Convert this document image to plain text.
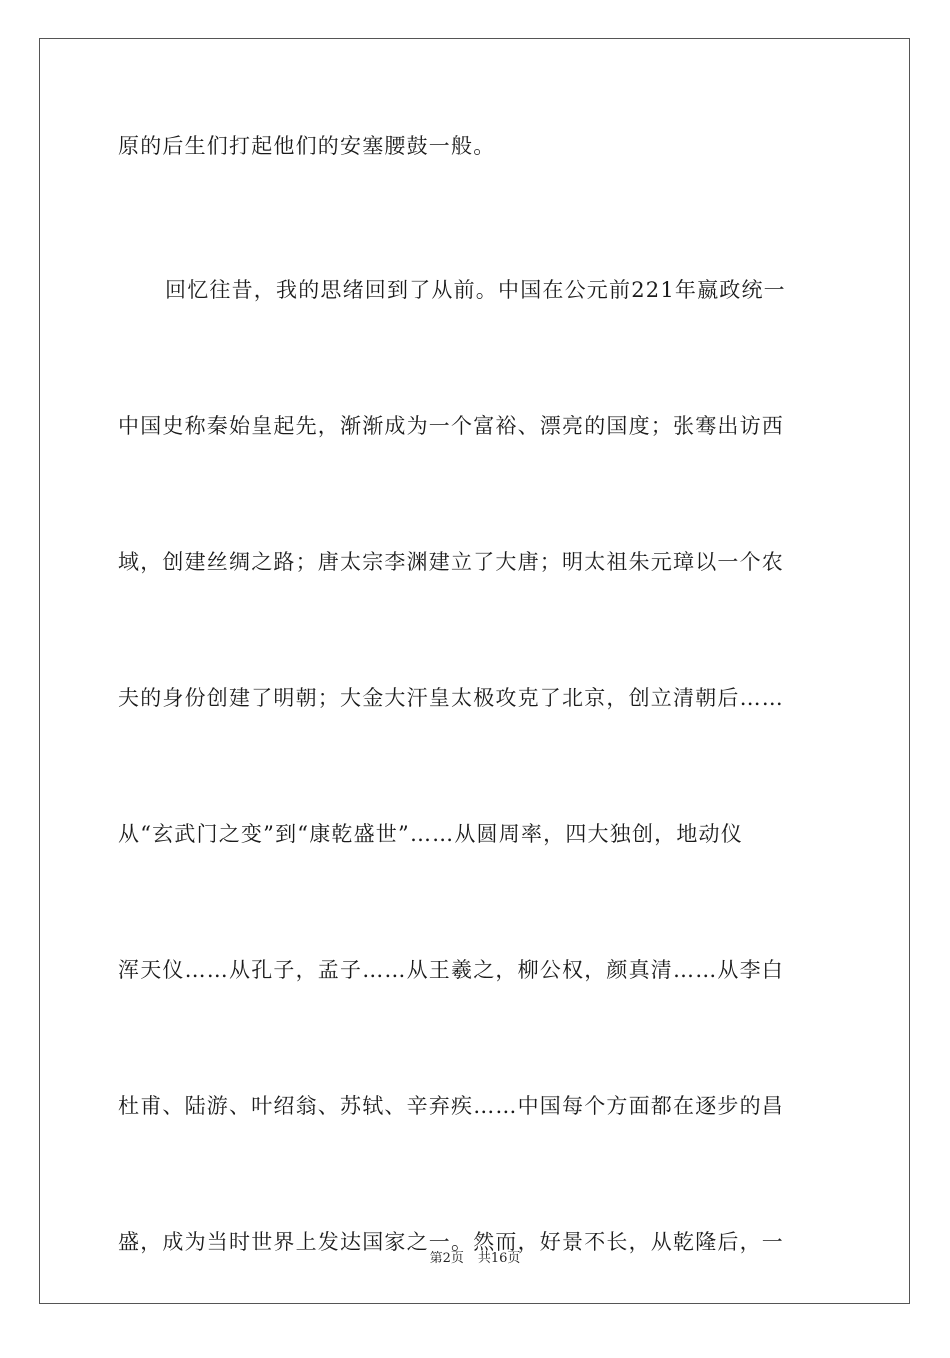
原的后生们打起他们的安塞腰鼓一般。
回忆往昔，我的思绪回到了从前。中国在公元前221年嬴政统一
中国史称秦始皇起先，渐渐成为一个富裕、漂亮的国度；张骞出访西
域，创建丝绸之路；唐太宗李渊建立了大唐；明太祖朱元璋以一个农
夫的身份创建了明朝；大金大汗皇太极攻克了北京，创立清朝后……
从“玄武门之变”到“康乾盛世”……从圆周率，四大独创，地动仪
浑天仪……从孔子，孟子……从王羲之，柳公权，颜真清……从李白
杜甫、陆游、叶绍翁、苏轼、辛弃疾……中国每个方面都在逐步的昌
盛，成为当时世界上发达国家之一。然而，好景不长，从乾隆后，一
第2页 共16页
